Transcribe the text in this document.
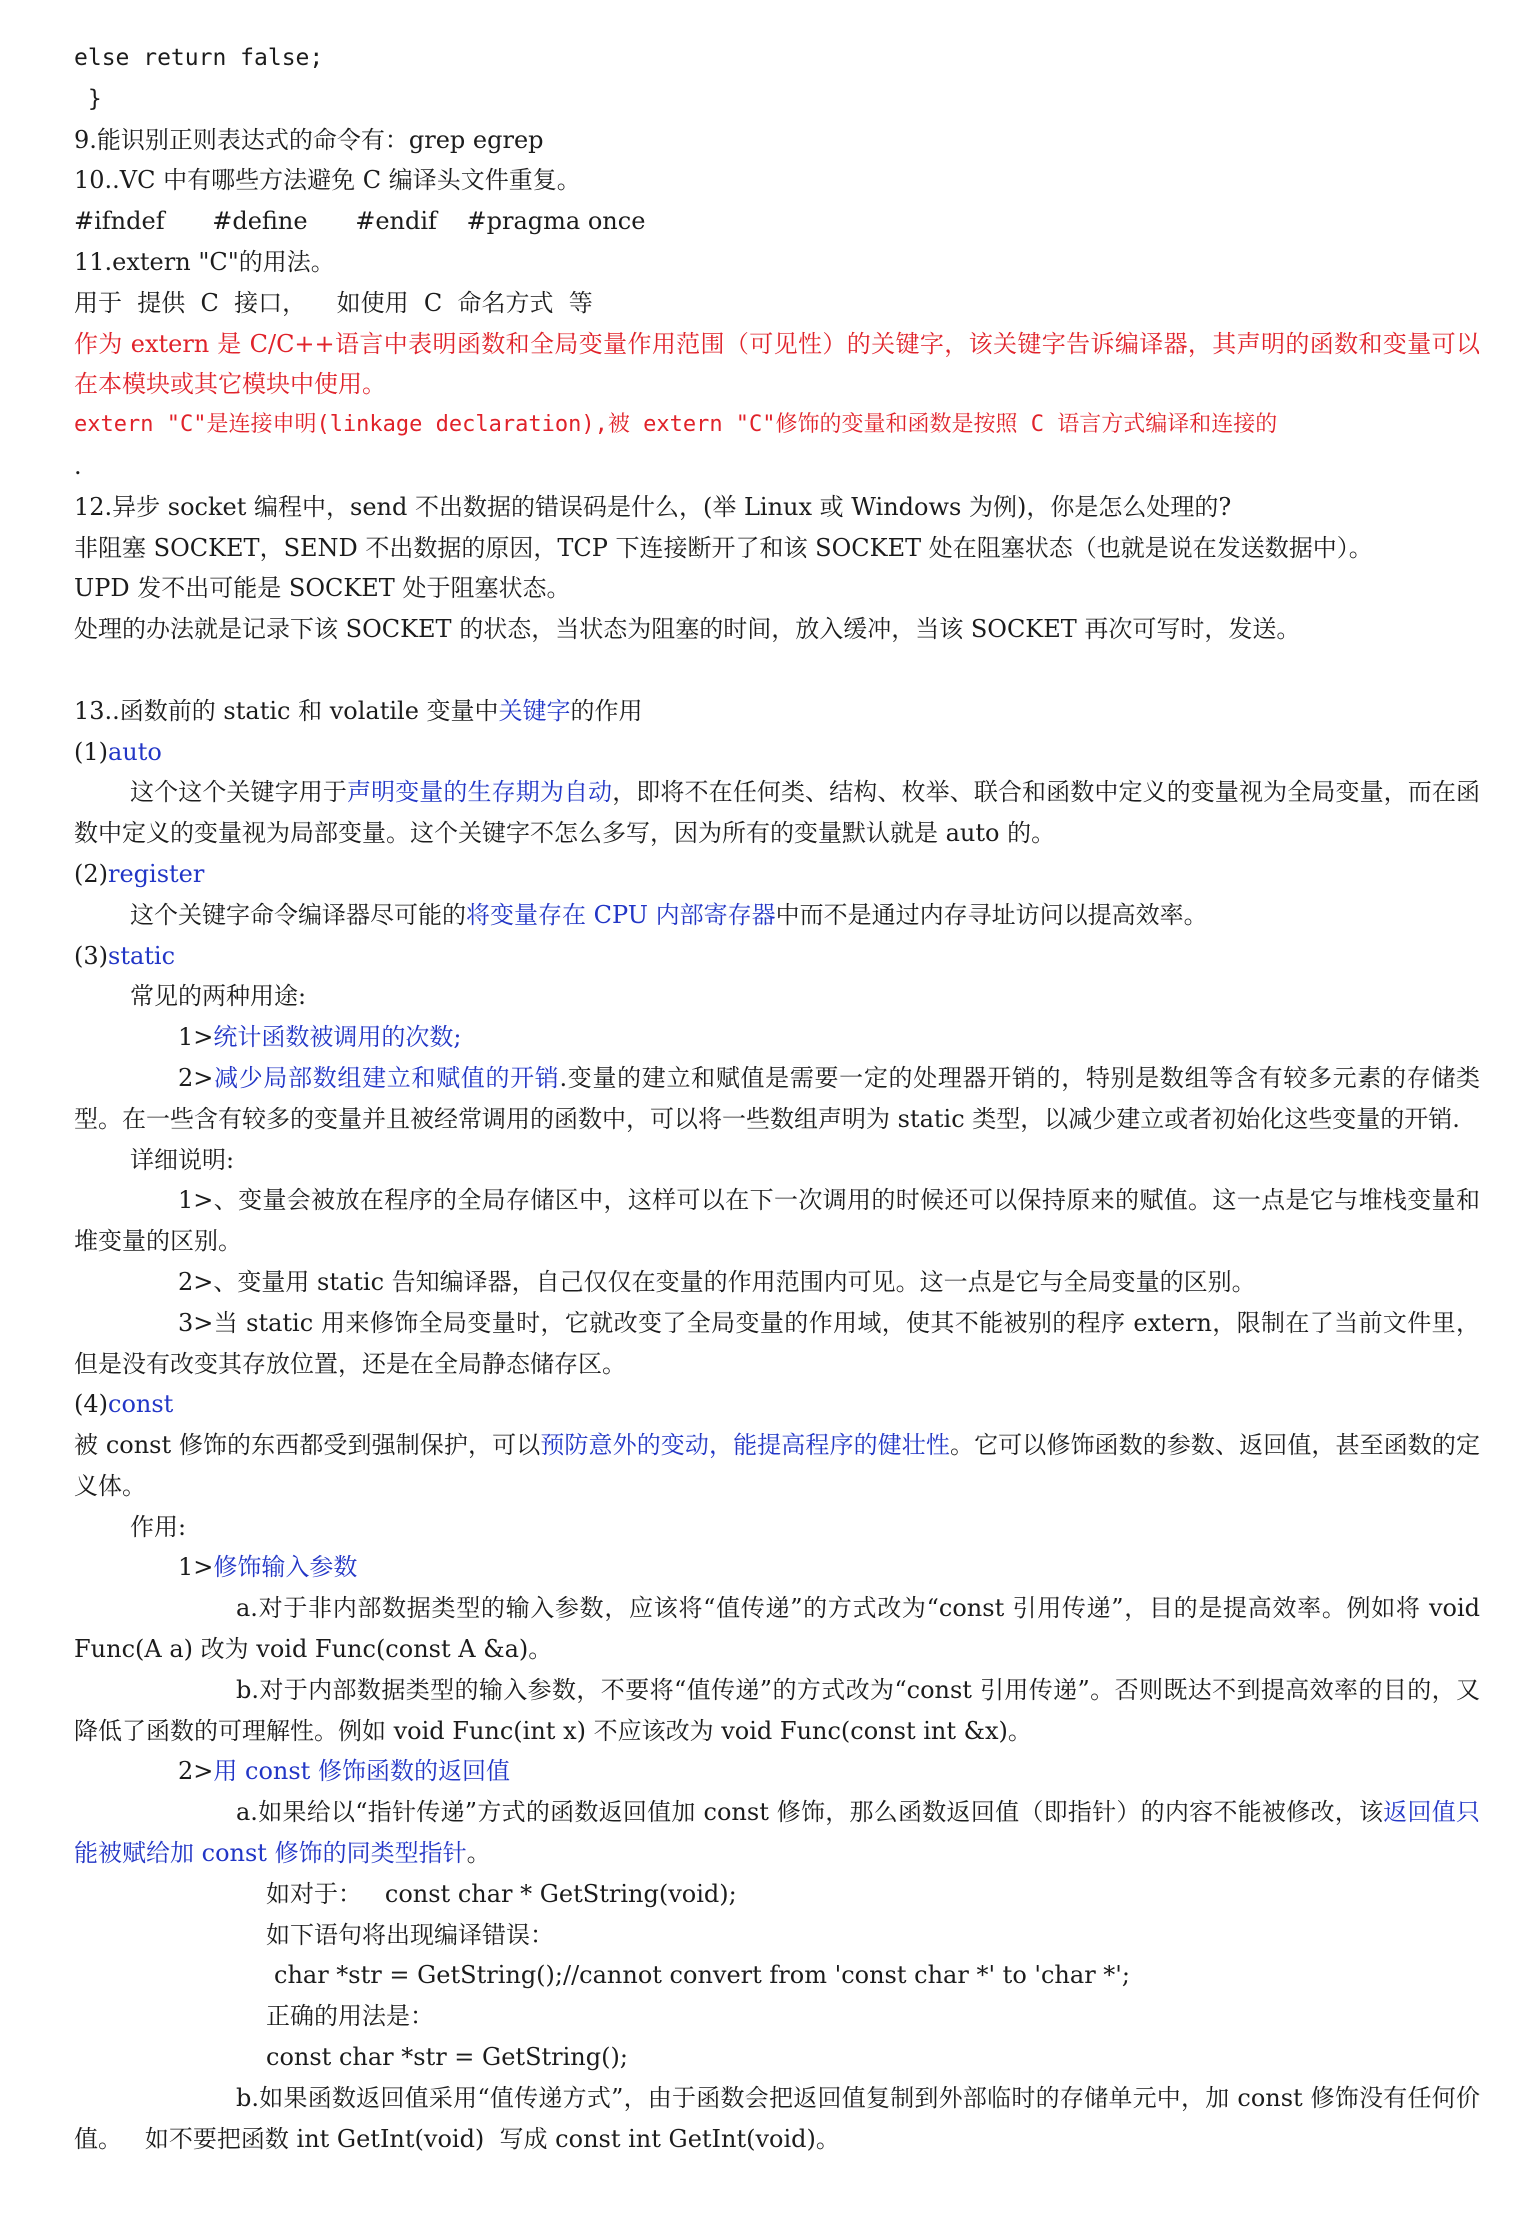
else return false;
}
9.能识别正则表达式的命令有：grep egrep
10..VC 中有哪些方法避免 C 编译头文件重复。
#ifndef #define #endif #pragma once
11.extern "C"的用法。
用于  提供  C  接口，    如使用  C  命名方式  等
作为 extern 是 C/C++语言中表明函数和全局变量作用范围（可见性）的关键字，该关键字告诉编译器，其声明的函数和变量可以在本模块或其它模块中使用。
extern "C"是连接申明(linkage declaration),被 extern "C"修饰的变量和函数是按照 C 语言方式编译和连接的
.
12.异步 socket 编程中，send 不出数据的错误码是什么，(举 Linux 或 Windows 为例)，你是怎么处理的?
非阻塞 SOCKET，SEND 不出数据的原因，TCP 下连接断开了和该 SOCKET 处在阻塞状态（也就是说在发送数据中）。
UPD 发不出可能是 SOCKET 处于阻塞状态。
处理的办法就是记录下该 SOCKET 的状态，当状态为阻塞的时间，放入缓冲，当该 SOCKET 再次可写时，发送。
13..函数前的 static 和 volatile 变量中关键字的作用
(1)auto
这个这个关键字用于声明变量的生存期为自动，即将不在任何类、结构、枚举、联合和函数中定义的变量视为全局变量，而在函数中定义的变量视为局部变量。这个关键字不怎么多写，因为所有的变量默认就是 auto 的。
(2)register
这个关键字命令编译器尽可能的将变量存在 CPU 内部寄存器中而不是通过内存寻址访问以提高效率。
(3)static
常见的两种用途:
1>统计函数被调用的次数;
2>减少局部数组建立和赋值的开销.变量的建立和赋值是需要一定的处理器开销的，特别是数组等含有较多元素的存储类型。在一些含有较多的变量并且被经常调用的函数中，可以将一些数组声明为 static 类型，以减少建立或者初始化这些变量的开销.
详细说明:
1>、变量会被放在程序的全局存储区中，这样可以在下一次调用的时候还可以保持原来的赋值。这一点是它与堆栈变量和堆变量的区别。
2>、变量用 static 告知编译器，自己仅仅在变量的作用范围内可见。这一点是它与全局变量的区别。
3>当 static 用来修饰全局变量时，它就改变了全局变量的作用域，使其不能被别的程序 extern，限制在了当前文件里，但是没有改变其存放位置，还是在全局静态储存区。
(4)const
被 const 修饰的东西都受到强制保护，可以预防意外的变动，能提高程序的健壮性。它可以修饰函数的参数、返回值，甚至函数的定义体。
作用:
1>修饰输入参数
a.对于非内部数据类型的输入参数，应该将“值传递”的方式改为“const 引用传递”，目的是提高效率。例如将 void Func(A a) 改为 void Func(const A &a)。
b.对于内部数据类型的输入参数，不要将“值传递”的方式改为“const 引用传递”。否则既达不到提高效率的目的，又降低了函数的可理解性。例如 void Func(int x) 不应该改为 void Func(const int &x)。
2>用 const 修饰函数的返回值
a.如果给以“指针传递”方式的函数返回值加 const 修饰，那么函数返回值（即指针）的内容不能被修改，该返回值只能被赋给加 const 修饰的同类型指针。
如对于：   const char * GetString(void);
如下语句将出现编译错误：
char *str = GetString();//cannot convert from 'const char *' to 'char *';
正确的用法是：
const char *str = GetString();
b.如果函数返回值采用“值传递方式”，由于函数会把返回值复制到外部临时的存储单元中，加 const 修饰没有任何价值。   如不要把函数 int GetInt(void)  写成 const int GetInt(void)。
